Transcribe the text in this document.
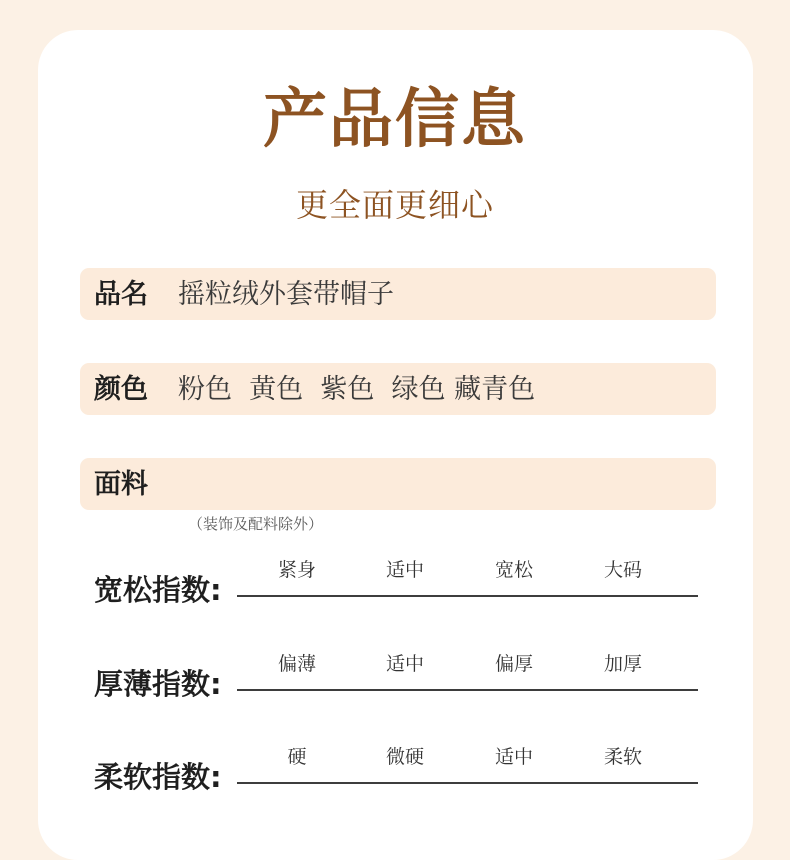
产品信息
更全面更细心
品名 摇粒绒外套带帽子
颜色 粉色  黄色  紫色  绿色 藏青色
面料
（装饰及配料除外）
宽松指数:
紧身	适中	宽松	大码
厚薄指数:
偏薄	适中	偏厚	加厚
柔软指数:
硬	微硬	适中	柔软
